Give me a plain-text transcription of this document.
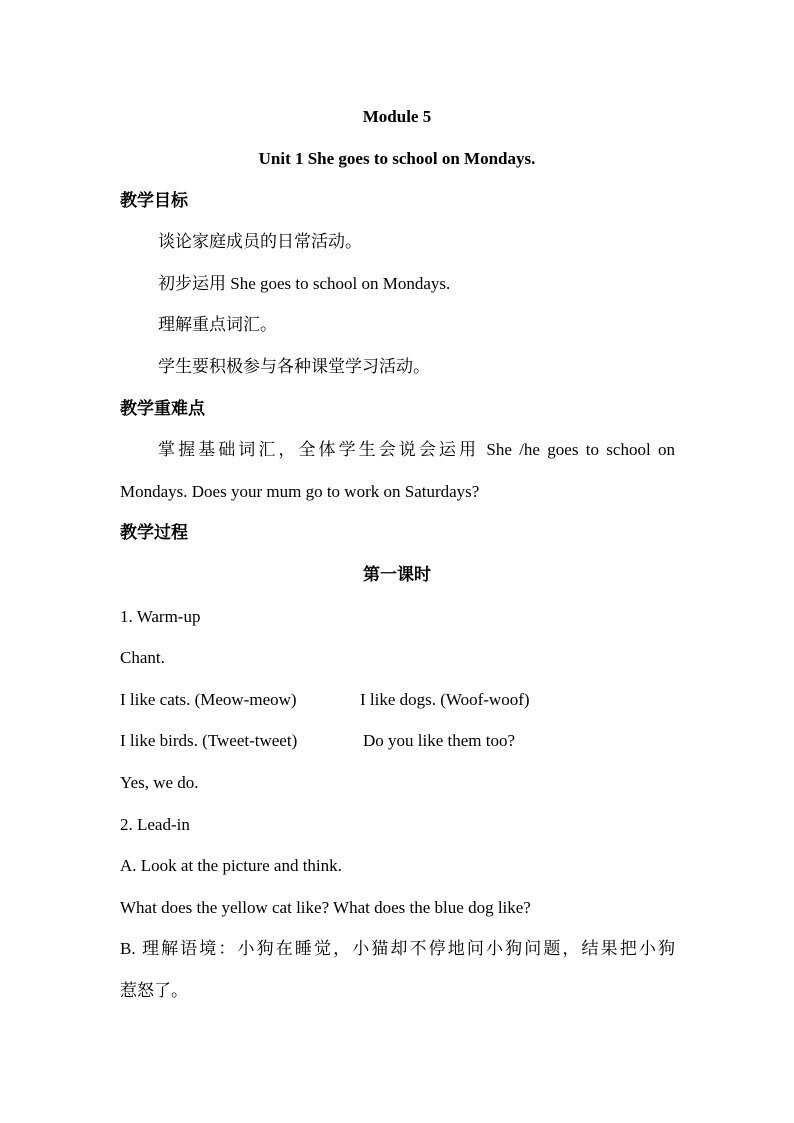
Module 5
Unit 1 She goes to school on Mondays.
教学目标
谈论家庭成员的日常活动。
初步运用 She goes to school on Mondays.
理解重点词汇。
学生要积极参与各种课堂学习活动。
教学重难点
掌握基础词汇，全体学生会说会运用 She /he goes to school on
Mondays. Does your mum go to work on Saturdays?
教学过程
第一课时
1. Warm-up
Chant.
I like cats. (Meow-meow)	I like dogs. (Woof-woof)
I like birds. (Tweet-tweet)	Do you like them too?
Yes, we do.
2. Lead-in
A. Look at the picture and think.
What does the yellow cat like? What does the blue dog like?
B. 理解语境：小狗在睡觉，小猫却不停地问小狗问题，结果把小狗
惹怒了。
